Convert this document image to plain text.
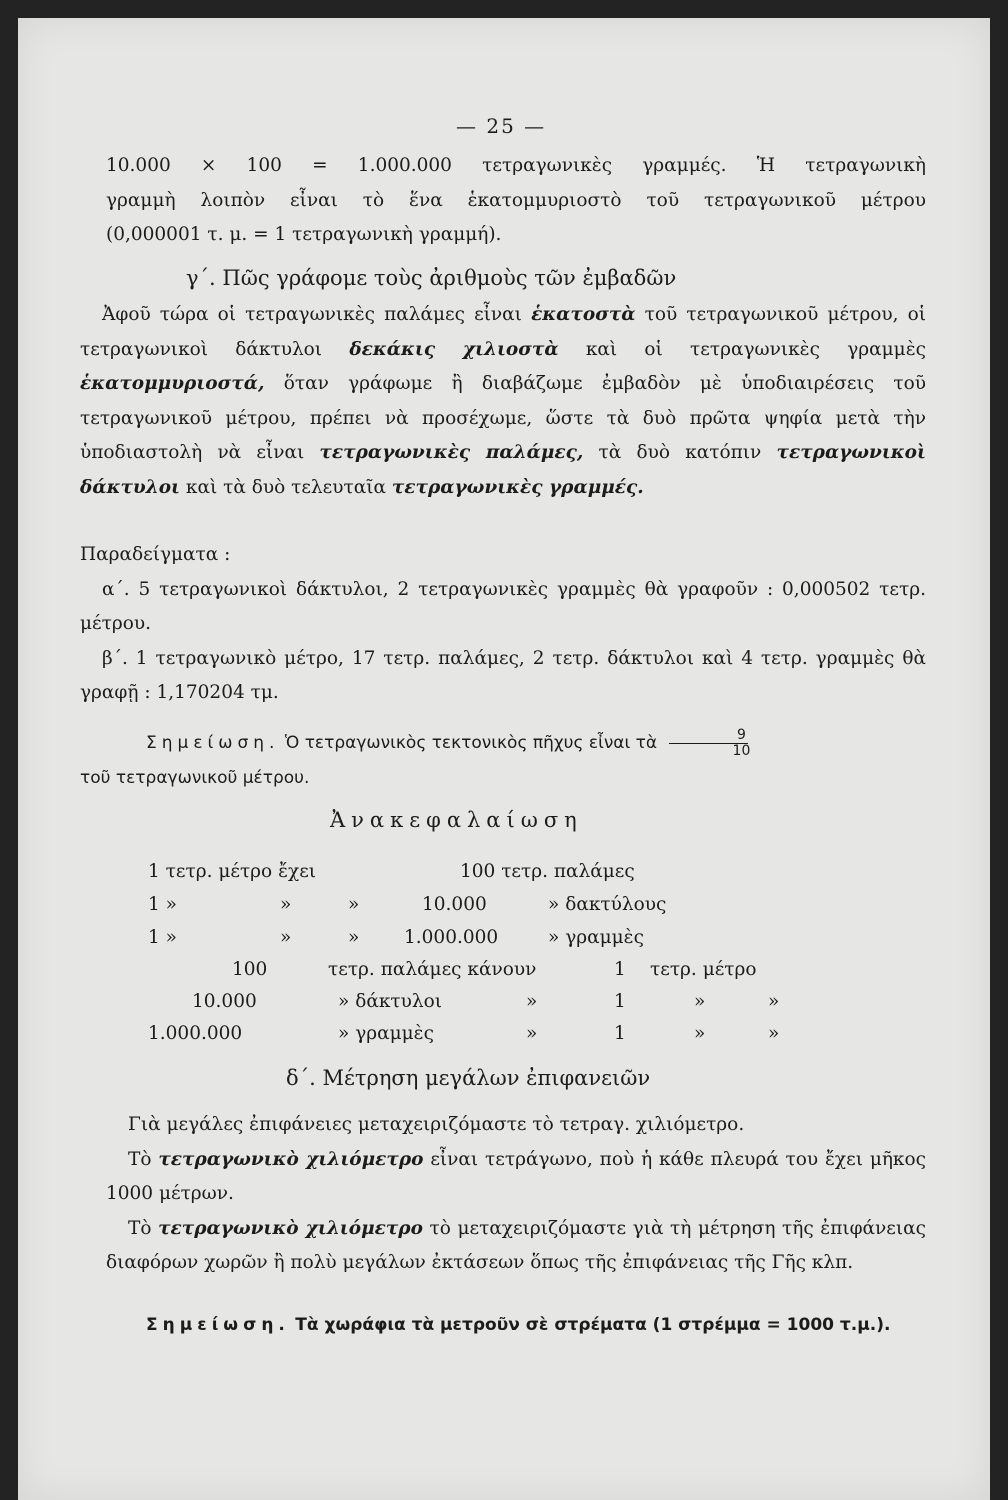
— 25 —

10.000 × 100 = 1.000.000 τετραγωνικὲς γραμμές. Ἡ τετραγωνικὴ

γραμμὴ λοιπὸν εἶναι τὸ ἕνα ἑκατομμυριοστὸ τοῦ τετραγωνικοῦ μέτρου

(0,000001 τ. μ. = 1 τετραγωνικὴ γραμμή).

γ΄. Πῶς γράφομε τοὺς ἀριθμοὺς τῶν ἐμβαδῶν

Ἀφοῦ τώρα οἱ τετραγωνικὲς παλάμες εἶναι ἑκατοστὰ τοῦ τετραγωνικοῦ μέτρου, οἱ τετραγωνικοὶ δάκτυλοι δεκάκις χιλιοστὰ καὶ οἱ τετραγωνικὲς γραμμὲς ἑκατομμυριοστά, ὅταν γράφωμε ἢ διαβάζωμε ἐμβαδὸν μὲ ὑποδιαιρέσεις τοῦ τετραγωνικοῦ μέτρου, πρέπει νὰ προσέχωμε, ὥστε τὰ δυὸ πρῶτα ψηφία μετὰ τὴν ὑποδιαστολὴ νὰ εἶναι τετραγωνικὲς παλάμες, τὰ δυὸ κατόπιν τετραγωνικοὶ δάκτυλοι καὶ τὰ δυὸ τελευταῖα τετραγωνικὲς γραμμές.

Παραδείγματα :

α΄. 5 τετραγωνικοὶ δάκτυλοι, 2 τετραγωνικὲς γραμμὲς θὰ γραφοῦν : 0,000502 τετρ. μέτρου.

β΄. 1 τετραγωνικὸ μέτρο, 17 τετρ. παλάμες, 2 τετρ. δάκτυλοι καὶ 4 τετρ. γραμμὲς θὰ γραφῇ : 1,170204 τμ.

Σημείωση. Ὁ τετραγωνικὸς τεκτονικὸς πῆχυς εἶναι τὰ $\frac{9}{10}$

τοῦ τετραγωνικοῦ μέτρου.

Ἀνακεφαλαίωση
1 τετρ. μέτρο ἔχει	100 τετρ. παλάμες
1 »	»	»	10.000	» δακτύλους
1 »	»	» 1.000.000	» γραμμὲς
100	τετρ. παλάμες κάνουν	1 τετρ. μέτρο
10.000	» δάκτυλοι	»	1	»	»
1.000.000	» γραμμὲς	»	1	»	»
δ΄. Μέτρηση μεγάλων ἐπιφανειῶν

Γιὰ μεγάλες ἐπιφάνειες μεταχειριζόμαστε τὸ τετραγ. χιλιόμετρο.

Τὸ τετραγωνικὸ χιλιόμετρο εἶναι τετράγωνο, ποὺ ἡ κάθε πλευρά του ἔχει μῆκος 1000 μέτρων.

Τὸ τετραγωνικὸ χιλιόμετρο τὸ μεταχειριζόμαστε γιὰ τὴ μέτρηση τῆς ἐπιφάνειας διαφόρων χωρῶν ἢ πολὺ μεγάλων ἐκτάσεων ὅπως τῆς ἐπιφάνειας τῆς Γῆς κλπ.

Σημείωση. Τὰ χωράφια τὰ μετροῦν σὲ στρέματα (1 στρέμμα = 1000 τ.μ.).
